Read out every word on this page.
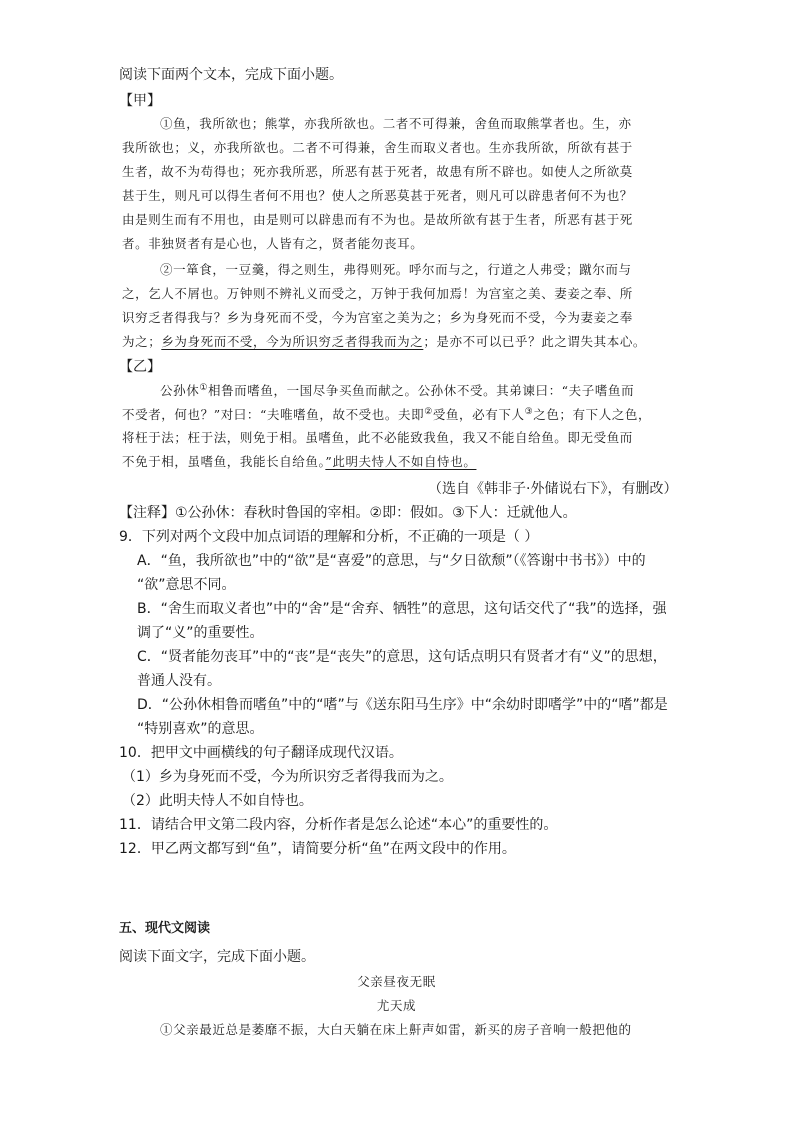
阅读下面两个文本，完成下面小题。
【甲】
①鱼，我所欲也；熊掌，亦我所欲也。二者不可得兼，舍鱼而取熊掌者也。生，亦
我所欲也；义，亦我所欲也。二者不可得兼，舍生而取义者也。生亦我所欲，所欲有甚于
生者，故不为苟得也；死亦我所恶，所恶有甚于死者，故患有所不辟也。如使人之所欲莫
甚于生，则凡可以得生者何不用也？使人之所恶莫甚于死者，则凡可以辟患者何不为也？
由是则生而有不用也，由是则可以辟患而有不为也。是故所欲有甚于生者，所恶有甚于死
者。非独贤者有是心也，人皆有之，贤者能勿丧耳。
②一箪食，一豆羹，得之则生，弗得则死。呼尔而与之，行道之人弗受；蹴尔而与
之，乞人不屑也。万钟则不辨礼义而受之，万钟于我何加焉！为宫室之美、妻妾之奉、所
识穷乏者得我与？乡为身死而不受，今为宫室之美为之；乡为身死而不受，今为妻妾之奉
为之；乡为身死而不受，今为所识穷乏者得我而为之；是亦不可以已乎？此之谓失其本心。
【乙】
公孙休①相鲁而嗜鱼，一国尽争买鱼而献之。公孙休不受。其弟谏曰：“夫子嗜鱼而
不受者，何也？”对曰：“夫唯嗜鱼，故不受也。夫即②受鱼，必有下人③之色；有下人之色，
将枉于法；枉于法，则免于相。虽嗜鱼，此不必能致我鱼，我又不能自给鱼。即无受鱼而
不免于相，虽嗜鱼，我能长自给鱼。”此明夫恃人不如自恃也。
（选自《韩非子·外储说右下》，有删改）
【注释】①公孙休：春秋时鲁国的宰相。②即：假如。③下人：迁就他人。
9．下列对两个文段中加点词语的理解和分析，不正确的一项是（ ）
A．“鱼，我所欲也”中的“欲”是“喜爱”的意思，与“夕日欲颓”（《答谢中书书》）中的
“欲”意思不同。
B．“舍生而取义者也”中的“舍”是“舍弃、牺牲”的意思，这句话交代了“我”的选择，强
调了“义”的重要性。
C．“贤者能勿丧耳”中的“丧”是“丧失”的意思，这句话点明只有贤者才有“义”的思想，
普通人没有。
D．“公孙休相鲁而嗜鱼”中的“嗜”与《送东阳马生序》中“余幼时即嗜学”中的“嗜”都是
“特别喜欢”的意思。
10．把甲文中画横线的句子翻译成现代汉语。
（1）乡为身死而不受，今为所识穷乏者得我而为之。
（2）此明夫恃人不如自恃也。
11．请结合甲文第二段内容，分析作者是怎么论述“本心”的重要性的。
12．甲乙两文都写到“鱼”，请简要分析“鱼”在两文段中的作用。
五、现代文阅读
阅读下面文字，完成下面小题。
父亲昼夜无眠
尤天成
①父亲最近总是萎靡不振，大白天躺在床上鼾声如雷，新买的房子音响一般把他的
